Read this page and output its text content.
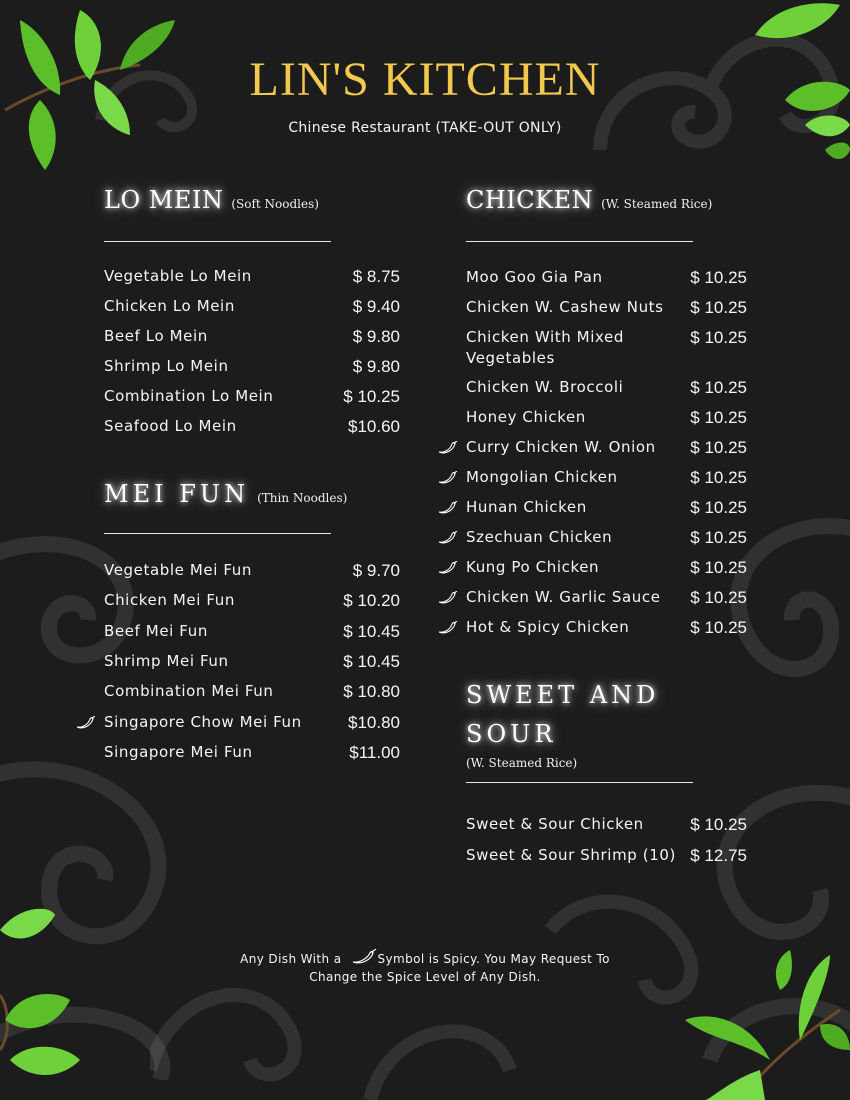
LIN'S KITCHEN
Chinese Restaurant (TAKE-OUT ONLY)
LO MEIN (Soft Noodles)
Vegetable Lo Mein	$ 8.75
Chicken Lo Mein	$ 9.40
Beef Lo Mein	$ 9.80
Shrimp Lo Mein	$ 9.80
Combination Lo Mein	$ 10.25
Seafood Lo Mein	$10.60
MEI FUN (Thin Noodles)
Vegetable Mei Fun	$ 9.70
Chicken Mei Fun	$ 10.20
Beef Mei Fun	$ 10.45
Shrimp Mei Fun	$ 10.45
Combination Mei Fun	$ 10.80
Singapore Chow Mei Fun	$10.80
Singapore Mei Fun	$11.00
CHICKEN (W. Steamed Rice)
Moo Goo Gia Pan	$ 10.25
Chicken W. Cashew Nuts $ 10.25
Chicken With Mixed
Vegetables
$ 10.25
Chicken W. Broccoli	$ 10.25
Honey Chicken	$ 10.25
Curry Chicken W. Onion $ 10.25
Mongolian Chicken	$ 10.25
Hunan Chicken	$ 10.25
Szechuan Chicken	$ 10.25
Kung Po Chicken	$ 10.25
Chicken W. Garlic Sauce $ 10.25
Hot & Spicy Chicken	$ 10.25
SWEET AND
SOUR
(W. Steamed Rice)
Sweet & Sour Chicken	$ 10.25
Sweet & Sour Shrimp (10) $ 12.75
Any Dish With a	Symbol is Spicy. You May Request To
Change the Spice Level of Any Dish.
